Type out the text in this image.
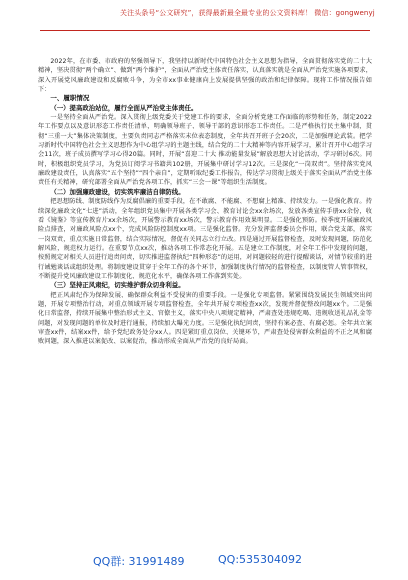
关注头条号“公文研究”，获得最新最全最专业的公文资料库！ 微信：gongwenyj

2022年，在市委、市政府的坚强领导下，我坚持以新时代中国特色社会主义思想为指导，全面贯彻落实党的二十大精神，坚决贯彻“两个确立”、做到“两个维护”，全面从严治党主体责任落实，认真落实就是全面从严治党实施各项要求，深入开展党风廉政建设和反腐败斗争，为全市xx事业健康向上发展提供坚强的政治和纪律保障。现将工作情况报告如下：

一、履职情况

（一）提高政治站位，履行全面从严治党主体责任。

一是坚持全面从严治党。深入贯彻上级党委关于党建工作的要求，全面分析党建工作面临的形势和任务，制定2022年工作要点以及意识形态工作责任清单，明确领导班子、领导干部的意识形态工作责任。二是严格执行民主集中制，贯彻“三重一大”集体决策制度，主要负责同志严格落实末位表态制度，全年共召开班子会20次，二是加强理论武装。把学习新时代中国特色社会主义思想作为中心组学习的主题主线，结合党的二十大精神等内容开展学习，累计召开中心组学习会11次，班子成员撰写学习心得20篇。同时，开展“喜迎二十大 推动能量发展”解放思想大讨论活动，学习研讨6次。同时，积极组织党员学习，为党员订阅学习书籍共102册，开展集中研讨学习12次。三是深化“一岗双责”。坚持落实党风廉政建设责任，认真落实“五个坚持”“四个亲自”，定期听取纪委工作报告，传达学习贯彻上级关于落实全面从严治党主体责任有关精神，研究部署全面从严治党各项工作，抓实“三会一课”等组织生活制度。

（二）加强廉政建设，切实筑牢廉洁自律防线。

把思想防线、制度防线作为反腐倡廉的重要手段，在不敢腐、不能腐、不想腐上精准、持续发力。一是强化教育。持续深化廉政文化“七进”活动，全年组织党员集中开展各类学习会、教育讨论会xx余场次，发放各类宣传手册xx余份，收看《镜鉴》等宣传教育片xx余场次，开展警示教育xx场次，警示教育作用效果明显。二是强化预防。按季度开展廉政风险点排查，对廉政风险点xx个，完成风险防控制度xx项。三是强化监督。充分发挥监督委员会作用，联合党支部，落实一岗双责，重点实施日常监督，结合实际情况，督促有关同志立行立改。四是通过开展监督检查，及时发现问题，防范化解风险，规范权力运行。在重要节点xx次，推动各项工作常态化开展。五是建立工作制度，对全年工作中发现的问题，按照规定对相关人员进行追责问责，切实推进监督执纪“四种形态”的运用，对问题较轻的进行提醒谈话，对情节较重的进行诫勉谈话或组织处理。将制度建设贯穿于全年工作的各个环节，加强制度执行情况的监督检查，以制度管人管事管权，不断提升党风廉政建设工作制度化、规范化水平，确保各项工作落到实处。

（三）坚持正风肃纪，切实维护群众切身利益。

把正风肃纪作为保障发展、确保群众利益不受侵害的重要手段。一是强化专项监督。紧紧围绕发展民生领域突出问题，开展专项整治行动，对重点领域开展专项监督检查，全年共开展专项检查xx次，发现并督促整改问题xx个。二是强化日常监督，持续开展集中整治形式主义、官僚主义，落实中央八项规定精神，严肃查处违规吃喝、违规收送礼品礼金等问题，对发现问题的单位及时进行通报，持续加大曝光力度。三是强化执纪问责，坚持有案必查、有腐必惩。全年共立案审查xx件，结案xx件，给予党纪政务处分xx人。四是紧盯重点岗位、关键环节，严肃查处侵害群众利益的不正之风和腐败问题，深入推进以案促改、以案促治，推动形成全面从严治党的良好局面。

QQ群: 31991489	QQ:535304092
